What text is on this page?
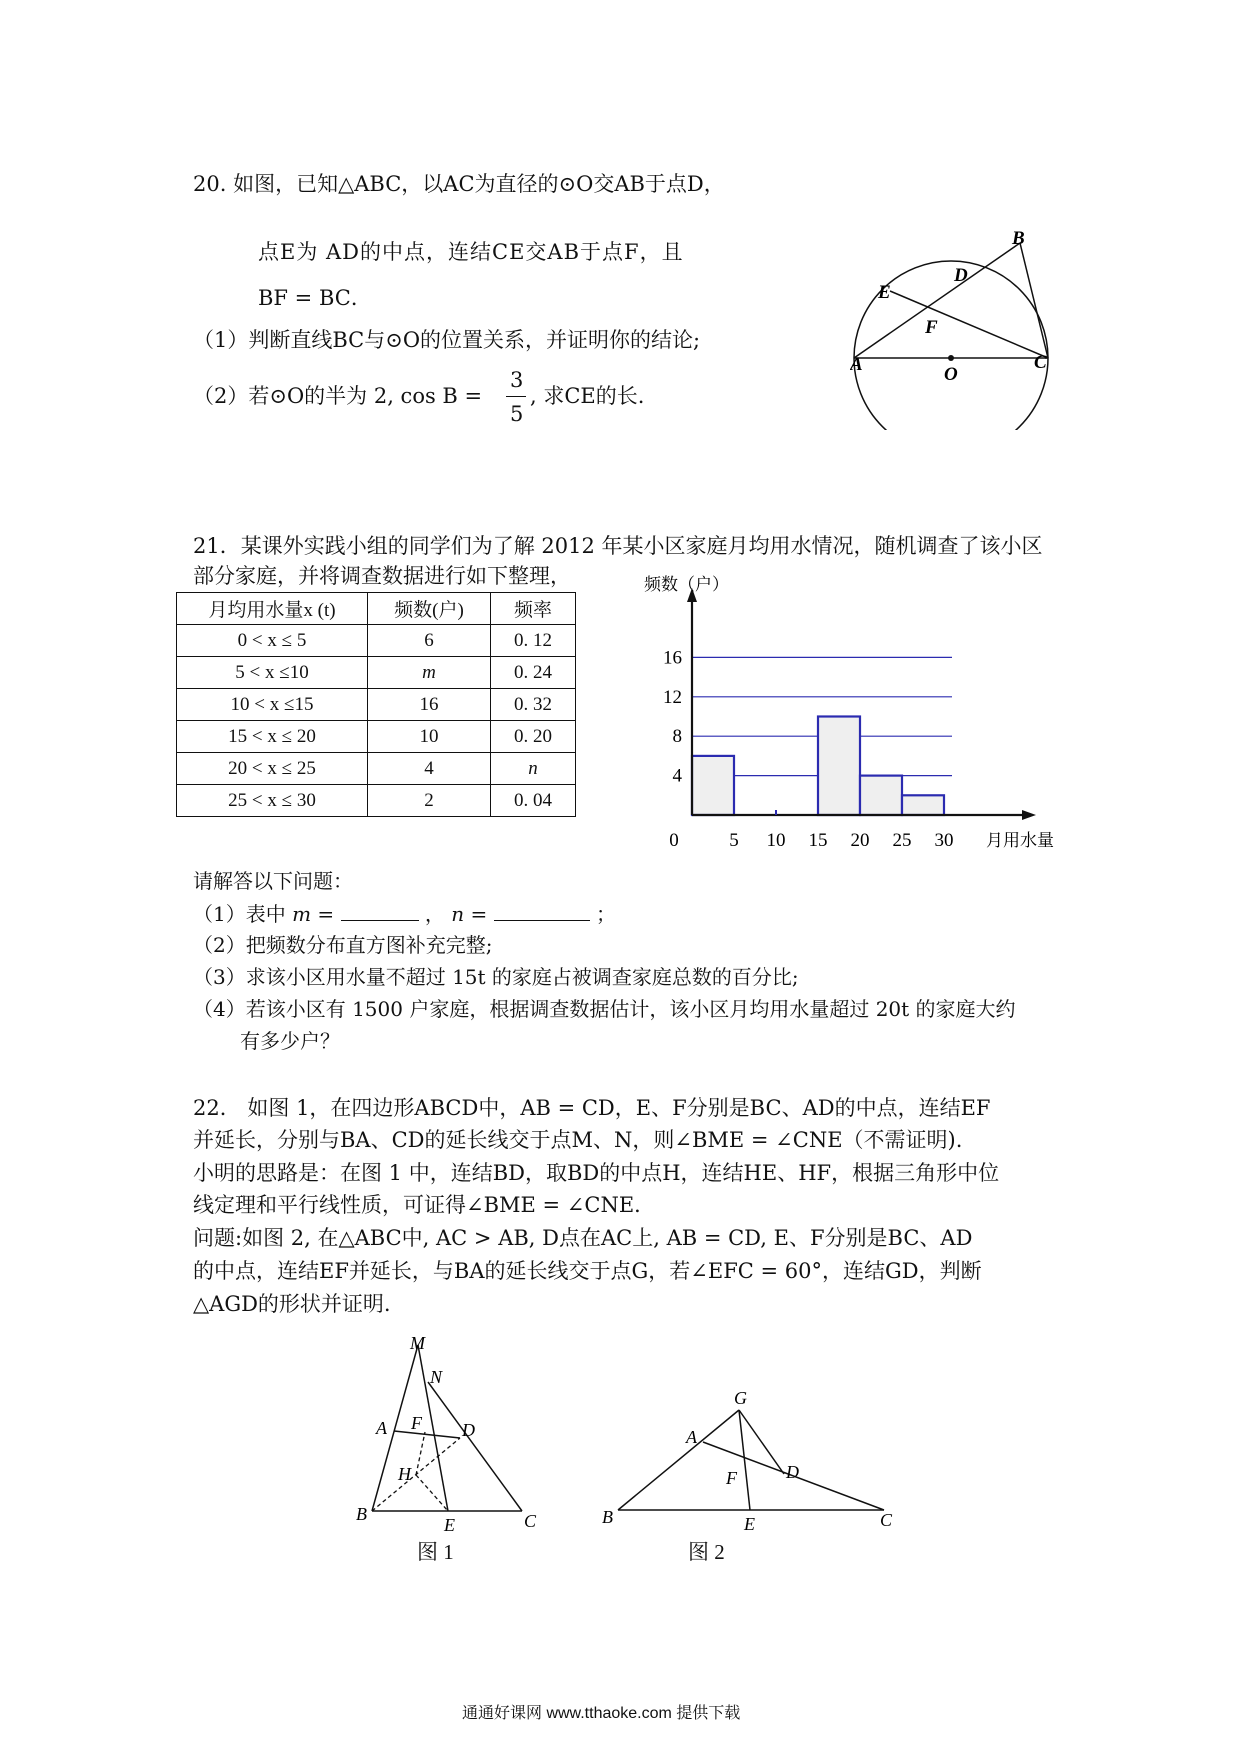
20. 如图，已知△ABC，以AC为直径的⊙O交AB于点D，
点E为 AD的中点，连结CE交AB于点F，且
BF = BC．
（1）判断直线BC与⊙O的位置关系，并证明你的结论;
（2）若⊙O的半为 2, cos B =
3
5
, 求CE的长.
B
D
E
F
A	O
C
21．某课外实践小组的同学们为了解 2012 年某小区家庭月均用水情况，随机调查了该小区
部分家庭，并将调查数据进行如下整理，
月均用水量x (t)	频数(户)	频率
0 < x ≤ 5	6	0. 12
5 < x ≤10	m	0. 24
10 < x ≤15	16	0. 32
15 < x ≤ 20	10	0. 20
20 < x ≤ 25	4	n
25 < x ≤ 30	2	0. 04
4
8
12
16
0	5 10 15 20 25 30
频数（户）
月用水量
请解答以下问题：
（1）表中 m =	， n =	；
（2）把频数分布直方图补充完整;
（3）求该小区用水量不超过 15t 的家庭占被调查家庭总数的百分比;
（4）若该小区有 1500 户家庭，根据调查数据估计，该小区月均用水量超过 20t 的家庭大约
有多少户？
22． 如图 1，在四边形ABCD中，AB = CD，E、F分别是BC、AD的中点，连结EF
并延长，分别与BA、CD的延长线交于点M、N，则∠BME = ∠CNE（不需证明).
小明的思路是：在图 1 中，连结BD，取BD的中点H，连结HE、HF，根据三角形中位
线定理和平行线性质，可证得∠BME = ∠CNE．
问题:如图 2, 在△ABC中, AC > AB, D点在AC上, AB = CD, E、F分别是BC、AD
的中点，连结EF并延长，与BA的延长线交于点G，若∠EFC = 60°，连结GD，判断
△AGD的形状并证明.
M
N
A F D
H
B
E	C
图 1
G
A
D
F
B	E	C
图 2
通通好课网 www.tthaoke.com 提供下载
